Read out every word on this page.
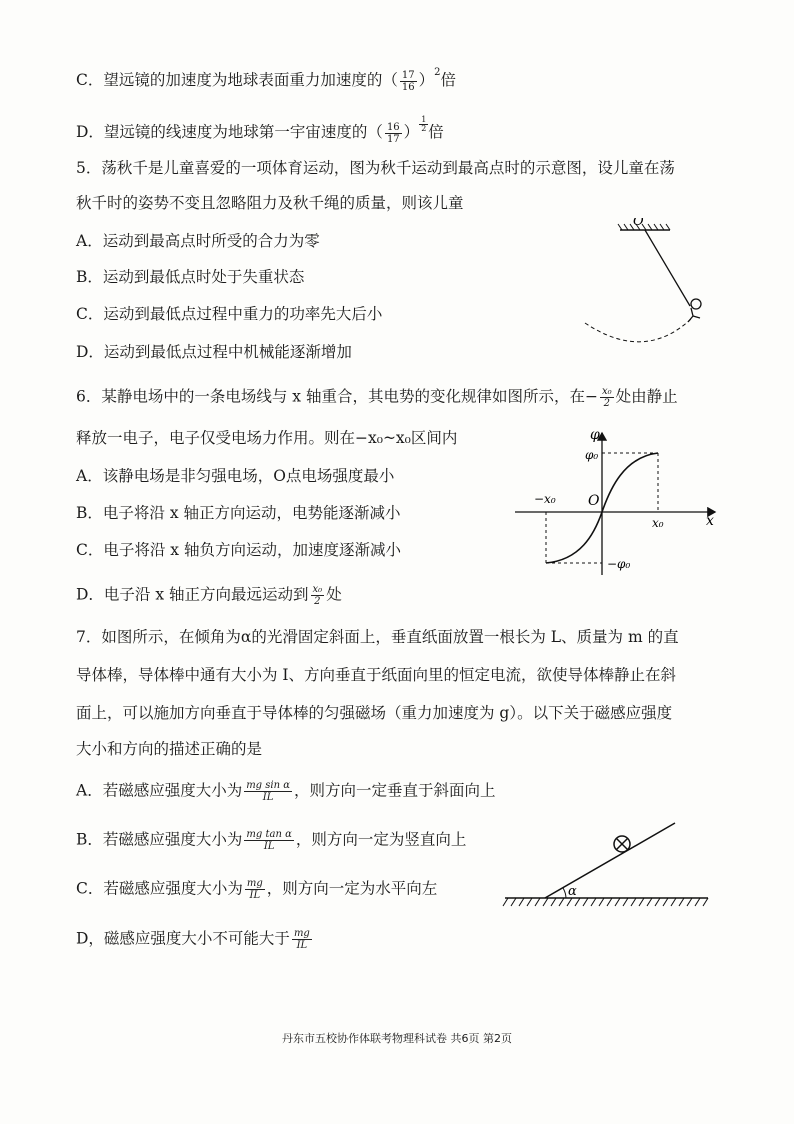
C．望远镜的加速度为地球表面重力加速度的（ $\frac{17}{16} )^2$倍
D．望远镜的线速度为地球第一宇宙速度的（ $\frac{16}{17}$ ） $^{\frac{1}{2}}$ 倍
5．荡秋千是儿童喜爱的一项体育运动，图为秋千运动到最高点时的示意图，设儿童在荡
秋千时的姿势不变且忽略阻力及秋千绳的质量，则该儿童
A．运动到最高点时所受的合力为零
B．运动到最低点时处于失重状态
C．运动到最低点过程中重力的功率先大后小
D．运动到最低点过程中机械能逐渐增加
O
6．某静电场中的一条电场线与 x 轴重合，其电势的变化规律如图所示，在− $\frac{\text{x₀}}{2}$ 处由静止
释放一电子，电子仅受电场力作用。则在−x₀~x₀区间内
A．该静电场是非匀强电场，O点电场强度最小
B．电子将沿 x 轴正方向运动，电势能逐渐减小
C．电子将沿 x 轴负方向运动，加速度逐渐减小
D．电子沿 x 轴正方向最远运动到 $\frac{\text{x₀}}{2}$ 处
φ
x
O
φ₀
−φ₀
x₀
−x₀
7．如图所示，在倾角为α的光滑固定斜面上，垂直纸面放置一根长为 L、质量为 m 的直
导体棒，导体棒中通有大小为 I、方向垂直于纸面向里的恒定电流，欲使导体棒静止在斜
面上，可以施加方向垂直于导体棒的匀强磁场（重力加速度为 g）。以下关于磁感应强度
大小和方向的描述正确的是
A．若磁感应强度大小为 $\frac{\text{mg sin α}}{IL}$ ，则方向一定垂直于斜面向上
B．若磁感应强度大小为 $\frac{\text{mg tan α}}{IL}$ ，则方向一定为竖直向上
C．若磁感应强度大小为 $\frac{mg}{IL}$ ，则方向一定为水平向左
D，磁感应强度大小不可能大于 $\frac{mg}{IL}$
α
丹东市五校协作体联考物理科试卷 共6页 第2页
